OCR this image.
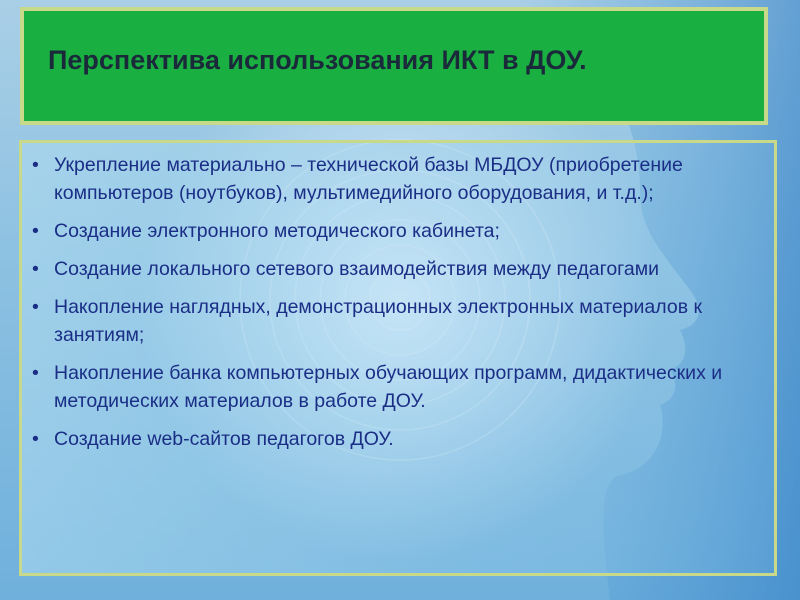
Перспектива использования ИКТ в ДОУ.
• Укрепление материально – технической базы МБДОУ (приобретение компьютеров (ноутбуков), мультимедийного оборудования, и т.д.);
• Создание электронного методического кабинета;
• Создание локального сетевого взаимодействия между педагогами
• Накопление наглядных, демонстрационных электронных материалов к занятиям;
• Накопление банка компьютерных обучающих программ, дидактических и методических материалов в работе ДОУ.
• Создание web-сайтов педагогов ДОУ.
